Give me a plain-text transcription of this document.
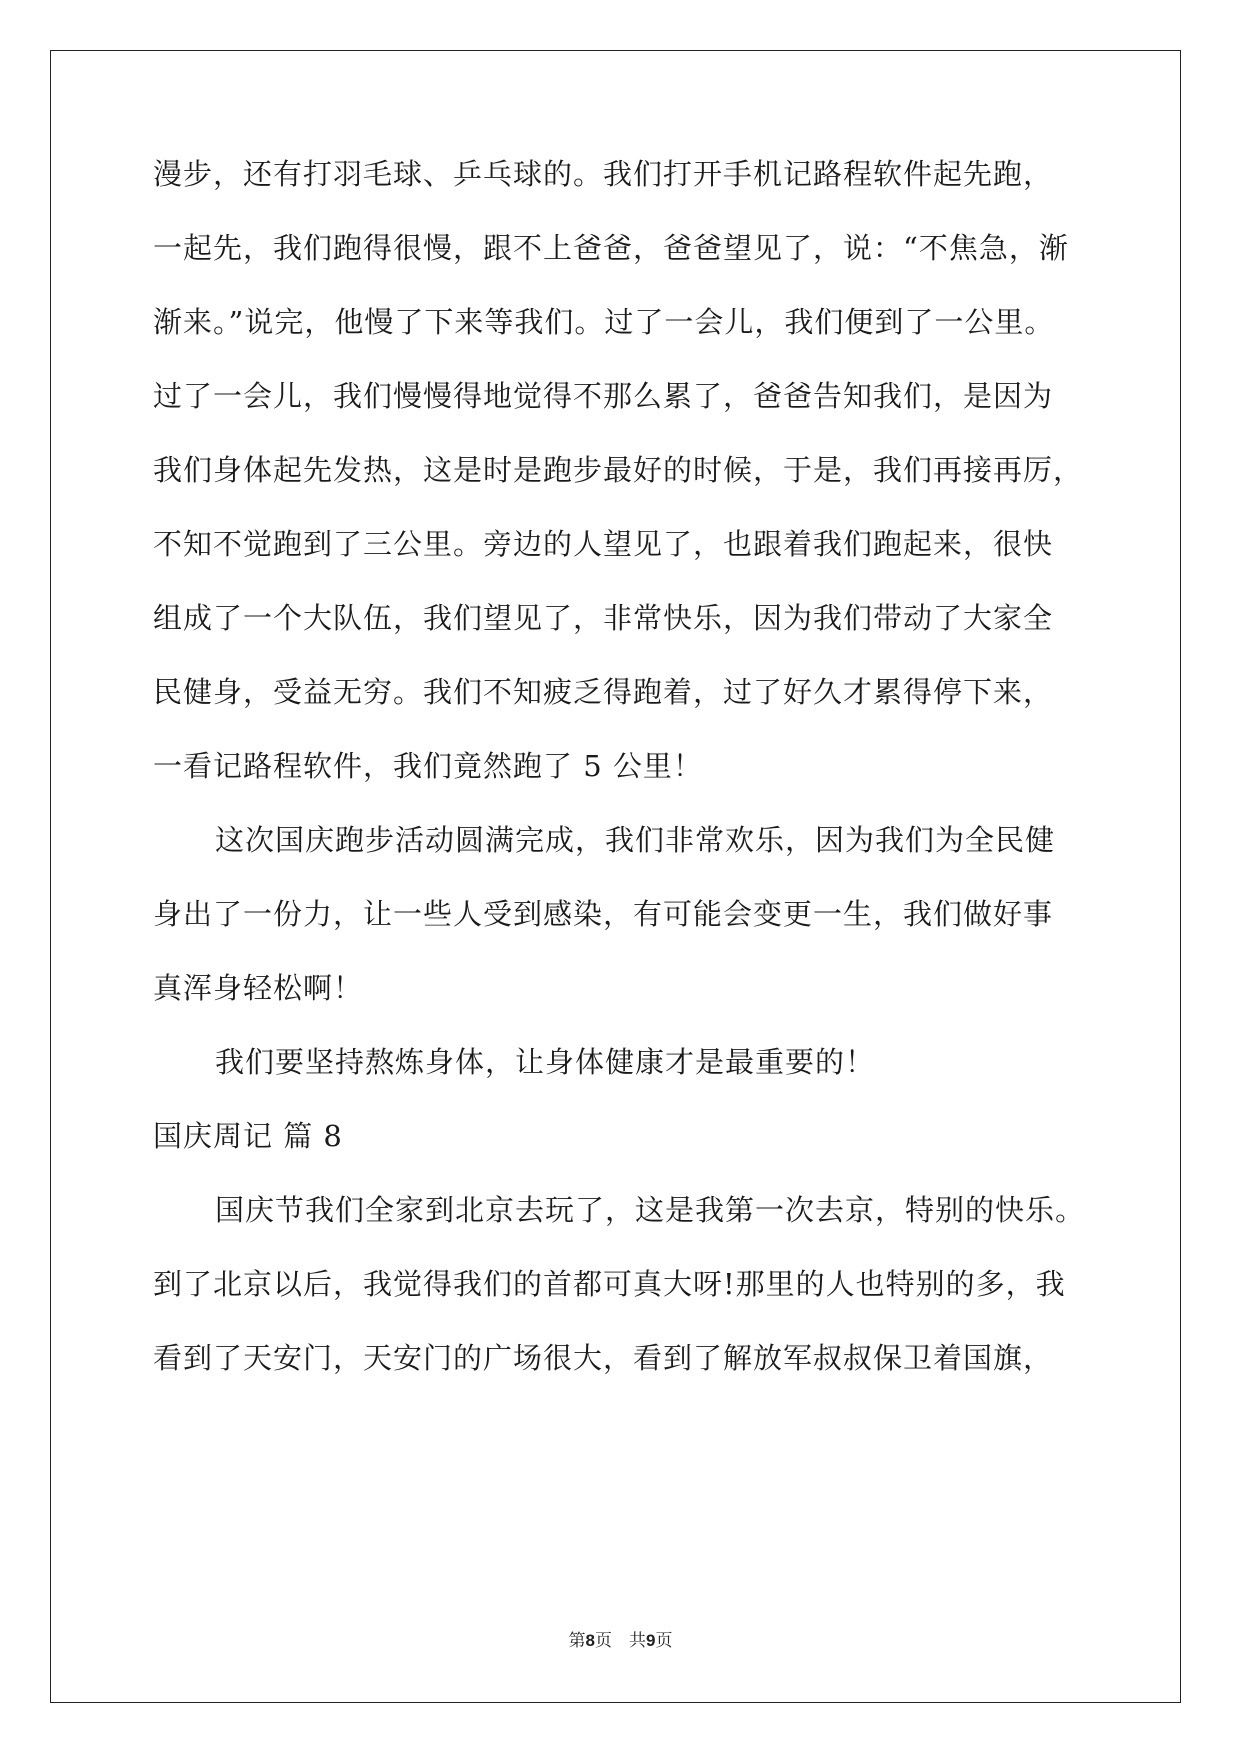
漫步，还有打羽毛球、乒乓球的。我们打开手机记路程软件起先跑，
一起先，我们跑得很慢，跟不上爸爸，爸爸望见了，说：“不焦急，渐
渐来。”说完，他慢了下来等我们。过了一会儿，我们便到了一公里。
过了一会儿，我们慢慢得地觉得不那么累了，爸爸告知我们，是因为
我们身体起先发热，这是时是跑步最好的时候，于是，我们再接再厉，
不知不觉跑到了三公里。旁边的人望见了，也跟着我们跑起来，很快
组成了一个大队伍，我们望见了，非常快乐，因为我们带动了大家全
民健身，受益无穷。我们不知疲乏得跑着，过了好久才累得停下来，
一看记路程软件，我们竟然跑了 5 公里！
这次国庆跑步活动圆满完成，我们非常欢乐，因为我们为全民健
身出了一份力，让一些人受到感染，有可能会变更一生，我们做好事
真浑身轻松啊！
我们要坚持熬炼身体，让身体健康才是最重要的！
国庆周记 篇 8
国庆节我们全家到北京去玩了，这是我第一次去京，特别的快乐。
到了北京以后，我觉得我们的首都可真大呀!那里的人也特别的多，我
看到了天安门，天安门的广场很大，看到了解放军叔叔保卫着国旗，
第8页　共9页
